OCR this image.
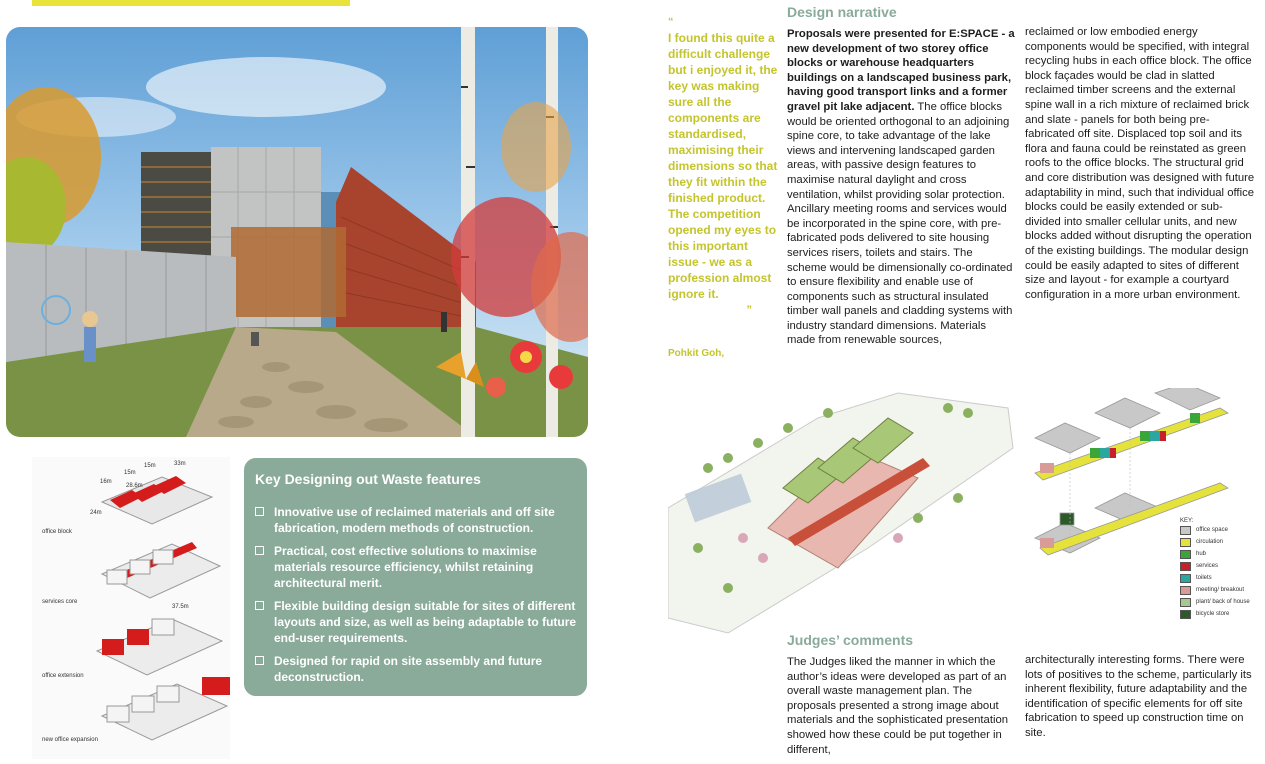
16m
15m
15m	33m
28.6m
24m
37.5m
office block
services core
office extension
new office expansion
Key Designing out Waste features
Innovative use of reclaimed materials and off site fabrication, modern methods of construction.
Practical, cost effective solutions to maximise materials resource efficiency, whilst retaining architectural merit.
Flexible building design suitable for sites of different layouts and size, as well as being adaptable to future end-user requirements.
Designed for rapid on site assembly and future deconstruction.
“
I found this quite a difficult challenge but i enjoyed it, the key was making sure all the components are standardised, maximising their dimensions so that they fit within the finished product. The competition opened my eyes to this important issue - we as a profession almost ignore it.
”
Pohkit Goh,
Design narrative
Proposals were presented for E:SPACE - a new development of two storey office blocks or warehouse headquarters buildings on a landscaped business park, having good transport links and a former gravel pit lake adjacent. The office blocks would be oriented orthogonal to an adjoining spine core, to take advantage of the lake views and intervening landscaped garden areas, with passive design features to maximise natural daylight and cross ventilation, whilst providing solar protection. Ancillary meeting rooms and services would be incorporated in the spine core, with pre-fabricated pods delivered to site housing services risers, toilets and stairs. The scheme would be dimensionally co-ordinated to ensure flexibility and enable use of components such as structural insulated timber wall panels and cladding systems with industry standard dimensions. Materials made from renewable sources,
reclaimed or low embodied energy components would be specified, with integral recycling hubs in each office block. The office block façades would be clad in slatted reclaimed timber screens and the external spine wall in a rich mixture of reclaimed brick and slate - panels for both being pre-fabricated off site. Displaced top soil and its flora and fauna could be reinstated as green roofs to the office blocks. The structural grid and core distribution was designed with future adaptability in mind, such that individual office blocks could be easily extended or sub-divided into smaller cellular units, and new blocks added without disrupting the operation of the existing buildings. The modular design could be easily adapted to sites of different size and layout - for example a courtyard configuration in a more urban environment.
KEY:
office space
circulation
hub
services
toilets
meeting/ breakout
plant/ back of house
bicycle store
Judges’ comments
The Judges liked the manner in which the author’s ideas were developed as part of an overall waste management plan. The proposals presented a strong image about materials and the sophisticated presentation showed how these could be put together in different,
architecturally interesting forms. There were lots of positives to the scheme, particularly its inherent flexibility, future adaptability and the identification of specific elements for off site fabrication to speed up construction time on site.
